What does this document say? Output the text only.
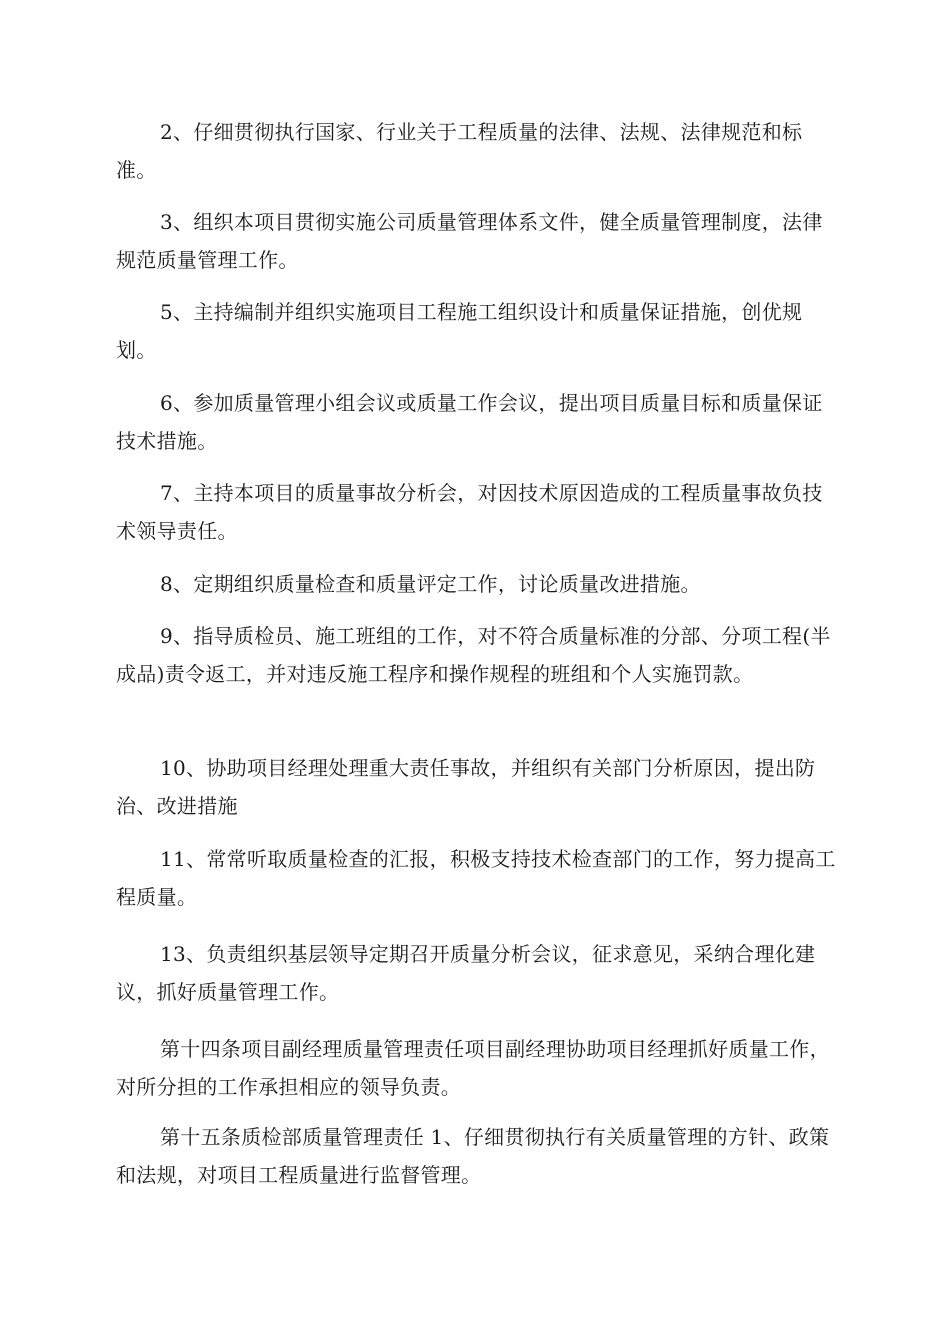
2、仔细贯彻执行国家、行业关于工程质量的法律、法规、法律规范和标准。

3、组织本项目贯彻实施公司质量管理体系文件，健全质量管理制度，法律规范质量管理工作。

5、主持编制并组织实施项目工程施工组织设计和质量保证措施，创优规划。

6、参加质量管理小组会议或质量工作会议，提出项目质量目标和质量保证技术措施。

7、主持本项目的质量事故分析会，对因技术原因造成的工程质量事故负技术领导责任。

8、定期组织质量检查和质量评定工作，讨论质量改进措施。

9、指导质检员、施工班组的工作，对不符合质量标准的分部、分项工程(半成品)责令返工，并对违反施工程序和操作规程的班组和个人实施罚款。

10、协助项目经理处理重大责任事故，并组织有关部门分析原因，提出防治、改进措施

11、常常听取质量检查的汇报，积极支持技术检查部门的工作，努力提高工程质量。

13、负责组织基层领导定期召开质量分析会议，征求意见，采纳合理化建议，抓好质量管理工作。

第十四条项目副经理质量管理责任项目副经理协助项目经理抓好质量工作，对所分担的工作承担相应的领导负责。

第十五条质检部质量管理责任 1、仔细贯彻执行有关质量管理的方针、政策和法规，对项目工程质量进行监督管理。
